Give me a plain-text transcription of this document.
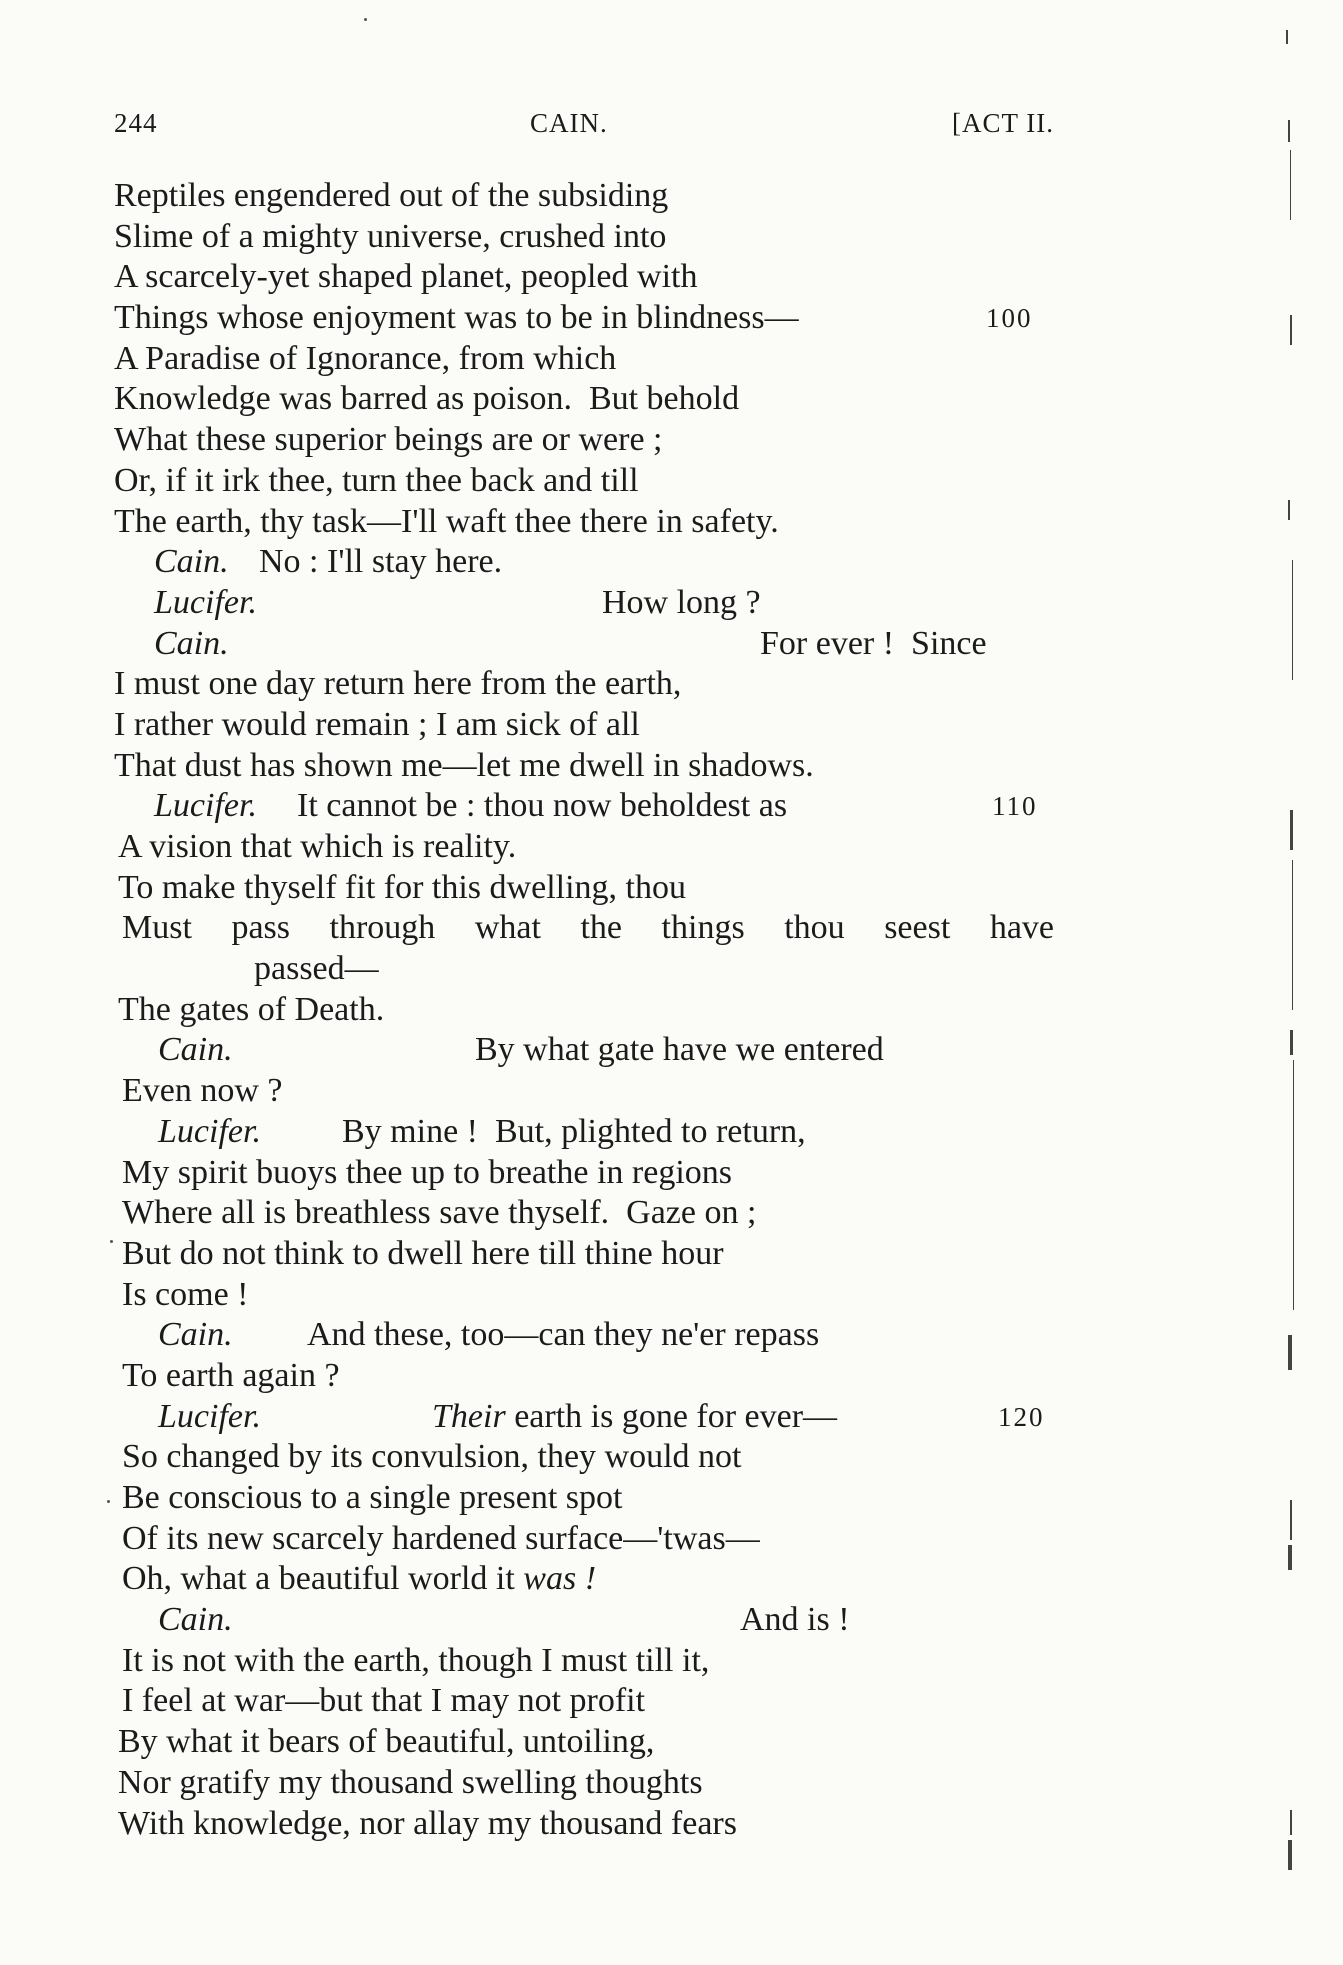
244	CAIN.	[ACT II.
Reptiles engendered out of the subsiding
Slime of a mighty universe, crushed into
A scarcely-yet shaped planet, peopled with
Things whose enjoyment was to be in blindness—	100
A Paradise of Ignorance, from which
Knowledge was barred as poison.  But behold
What these superior beings are or were ;
Or, if it irk thee, turn thee back and till
The earth, thy task—I'll waft thee there in safety.
Cain. No : I'll stay here.
Lucifer.	How long ?
Cain.	For ever !  Since
I must one day return here from the earth,
I rather would remain ; I am sick of all
That dust has shown me—let me dwell in shadows.
Lucifer. It cannot be : thou now beholdest as	110
A vision that which is reality.
To make thyself fit for this dwelling, thou
Must pass through what the things thou seest have
passed—
The gates of Death.
Cain.	By what gate have we entered
Even now ?
Lucifer. By mine !  But, plighted to return,
My spirit buoys thee up to breathe in regions
Where all is breathless save thyself.  Gaze on ;
But do not think to dwell here till thine hour
Is come !
Cain. And these, too—can they ne'er repass
To earth again ?
Lucifer.	Their earth is gone for ever—	120
So changed by its convulsion, they would not
Be conscious to a single present spot
Of its new scarcely hardened surface—'twas—
Oh, what a beautiful world it was !
Cain.	And is !
It is not with the earth, though I must till it,
I feel at war—but that I may not profit
By what it bears of beautiful, untoiling,
Nor gratify my thousand swelling thoughts
With knowledge, nor allay my thousand fears
